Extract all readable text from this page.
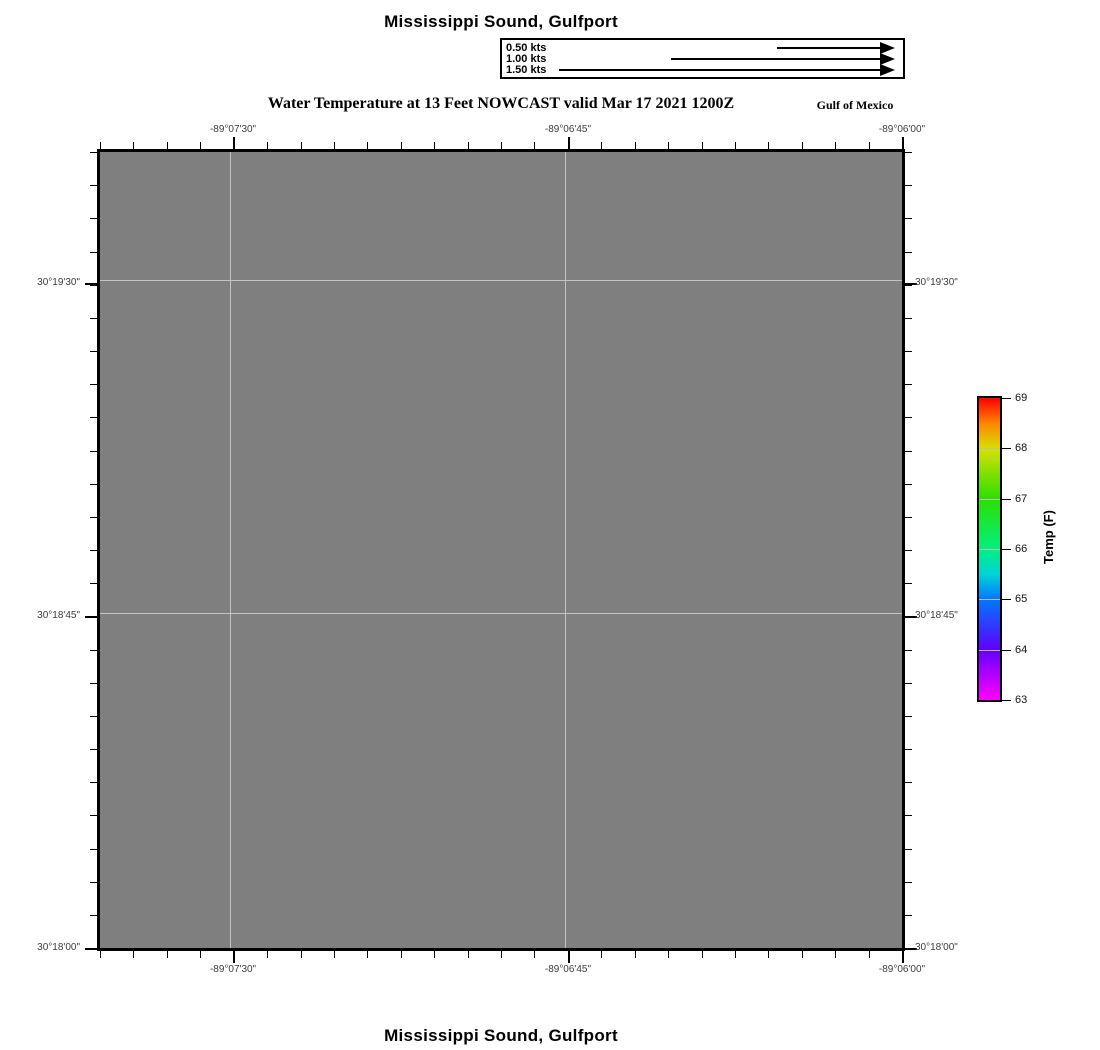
Mississippi Sound, Gulfport
0.50 kts
1.00 kts
1.50 kts
Water Temperature at 13 Feet NOWCAST valid Mar 17 2021 1200Z	Gulf of Mexico
Temp (F)
Mississippi Sound, Gulfport
-89°07'30"
-89°07'30"
-89°06'45"
-89°06'45"
-89°06'00"
-89°06'00"
30°19'30"	30°19'30"
30°18'45"	30°18'45"
30°18'00"	30°18'00"
69
68
67
66
65
64
63
